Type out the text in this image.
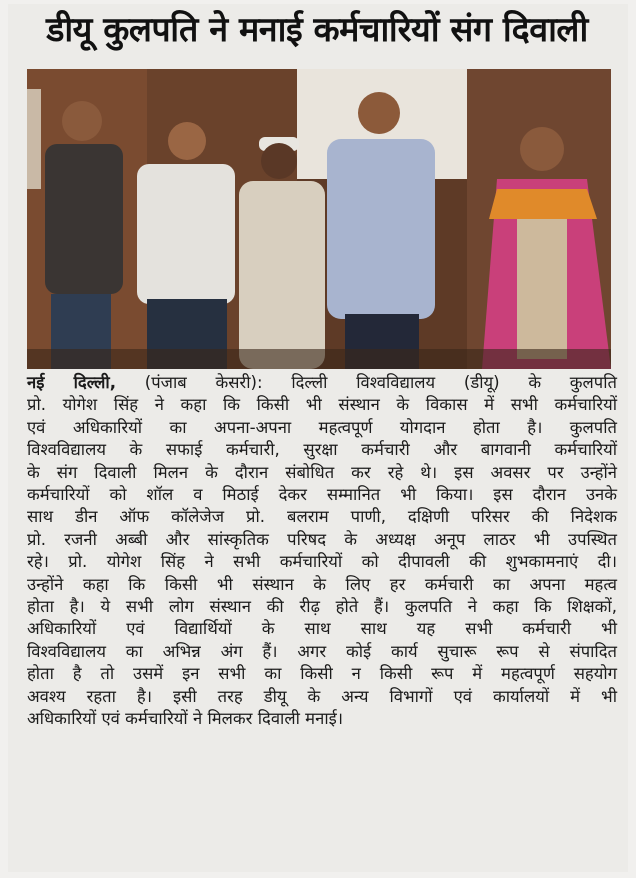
डीयू कुलपति ने मनाई कर्मचारियों संग दिवाली
नई दिल्ली, (पंजाब केसरी): दिल्ली विश्वविद्यालय (डीयू) के कुलपति
प्रो. योगेश सिंह ने कहा कि किसी भी संस्थान के विकास में सभी कर्मचारियों
एवं अधिकारियों का अपना-अपना महत्वपूर्ण योगदान होता है। कुलपति
विश्वविद्यालय के सफाई कर्मचारी, सुरक्षा कर्मचारी और बागवानी कर्मचारियों
के संग दिवाली मिलन के दौरान संबोधित कर रहे थे। इस अवसर पर उन्होंने
कर्मचारियों को शॉल व मिठाई देकर सम्मानित भी किया। इस दौरान उनके
साथ डीन ऑफ कॉलेजेज प्रो. बलराम पाणी, दक्षिणी परिसर की निदेशक
प्रो. रजनी अब्बी और सांस्कृतिक परिषद के अध्यक्ष अनूप लाठर भी उपस्थित
रहे। प्रो. योगेश सिंह ने सभी कर्मचारियों को दीपावली की शुभकामनाएं दी।
उन्होंने कहा कि किसी भी संस्थान के लिए हर कर्मचारी का अपना महत्व
होता है। ये सभी लोग संस्थान की रीढ़ होते हैं। कुलपति ने कहा कि शिक्षकों,
अधिकारियों एवं विद्यार्थियों के साथ साथ यह सभी कर्मचारी भी
विश्वविद्यालय का अभिन्न अंग हैं। अगर कोई कार्य सुचारू रूप से संपादित
होता है तो उसमें इन सभी का किसी न किसी रूप में महत्वपूर्ण सहयोग
अवश्य रहता है। इसी तरह डीयू के अन्य विभागों एवं कार्यालयों में भी
अधिकारियों एवं कर्मचारियों ने मिलकर दिवाली मनाई।
